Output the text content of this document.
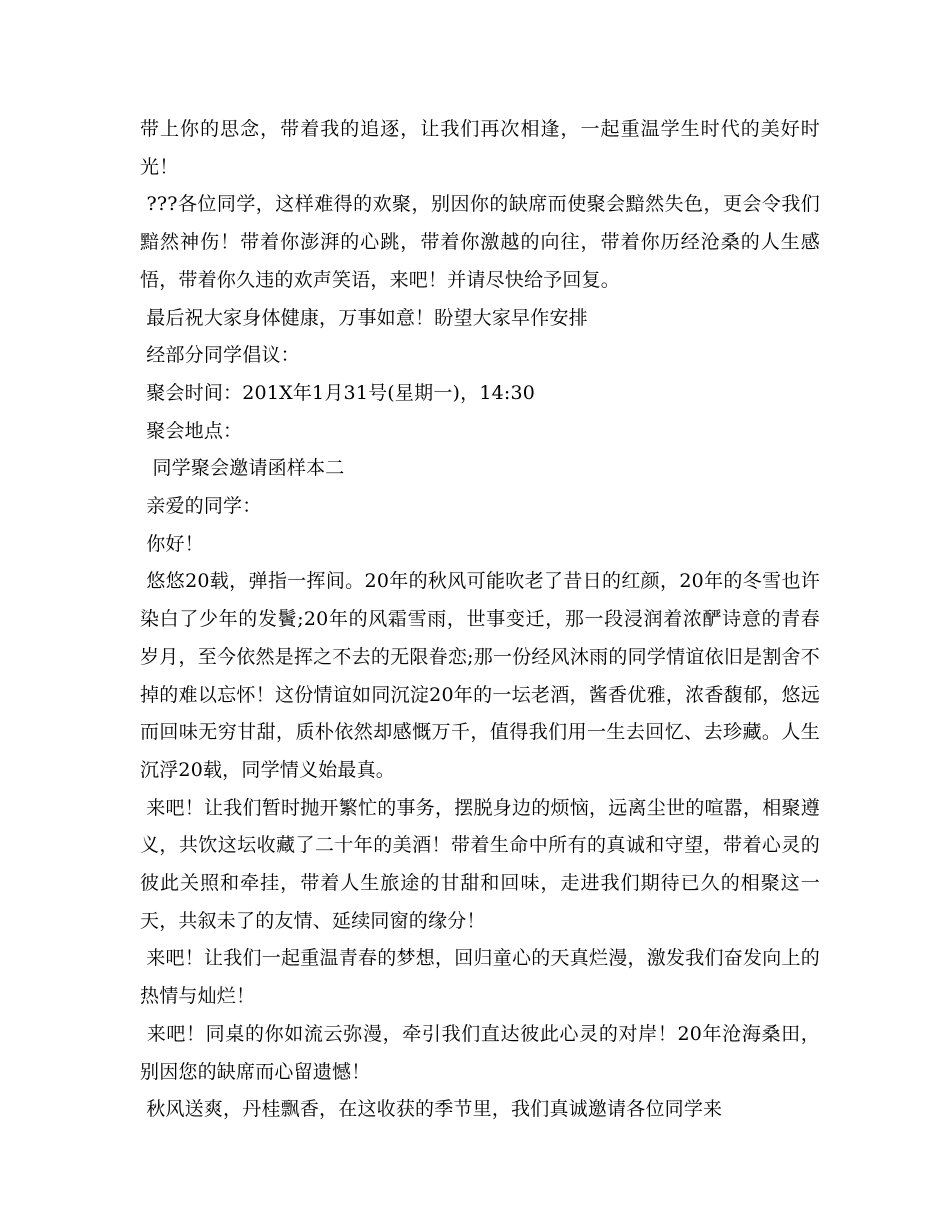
带上你的思念，带着我的追逐，让我们再次相逢，一起重温学生时代的美好时光！

???各位同学，这样难得的欢聚，别因你的缺席而使聚会黯然失色，更会令我们黯然神伤！带着你澎湃的心跳，带着你激越的向往，带着你历经沧桑的人生感悟，带着你久违的欢声笑语，来吧！并请尽快给予回复。

最后祝大家身体健康，万事如意！盼望大家早作安排

经部分同学倡议：

聚会时间：201X年1月31号(星期一)，14:30

聚会地点：

同学聚会邀请函样本二

亲爱的同学：

你好！

悠悠20载，弹指一挥间。20年的秋风可能吹老了昔日的红颜，20年的冬雪也许染白了少年的发鬢;20年的风霜雪雨，世事变迁，那一段浸润着浓酽诗意的青春岁月，至今依然是挥之不去的无限眷恋;那一份经风沐雨的同学情谊依旧是割舍不掉的难以忘怀！这份情谊如同沉淀20年的一坛老酒，酱香优雅，浓香馥郁，悠远而回味无穷甘甜，质朴依然却感慨万千，值得我们用一生去回忆、去珍藏。人生沉浮20载，同学情义始最真。

来吧！让我们暂时抛开繁忙的事务，摆脱身边的烦恼，远离尘世的喧嚣，相聚遵义，共饮这坛收藏了二十年的美酒！带着生命中所有的真诚和守望，带着心灵的彼此关照和牵挂，带着人生旅途的甘甜和回味，走进我们期待已久的相聚这一天，共叙未了的友情、延续同窗的缘分！

来吧！让我们一起重温青春的梦想，回归童心的天真烂漫，激发我们奋发向上的热情与灿烂！

来吧！同桌的你如流云弥漫，牵引我们直达彼此心灵的对岸！20年沧海桑田，别因您的缺席而心留遗憾！

秋风送爽，丹桂飘香，在这收获的季节里，我们真诚邀请各位同学来
